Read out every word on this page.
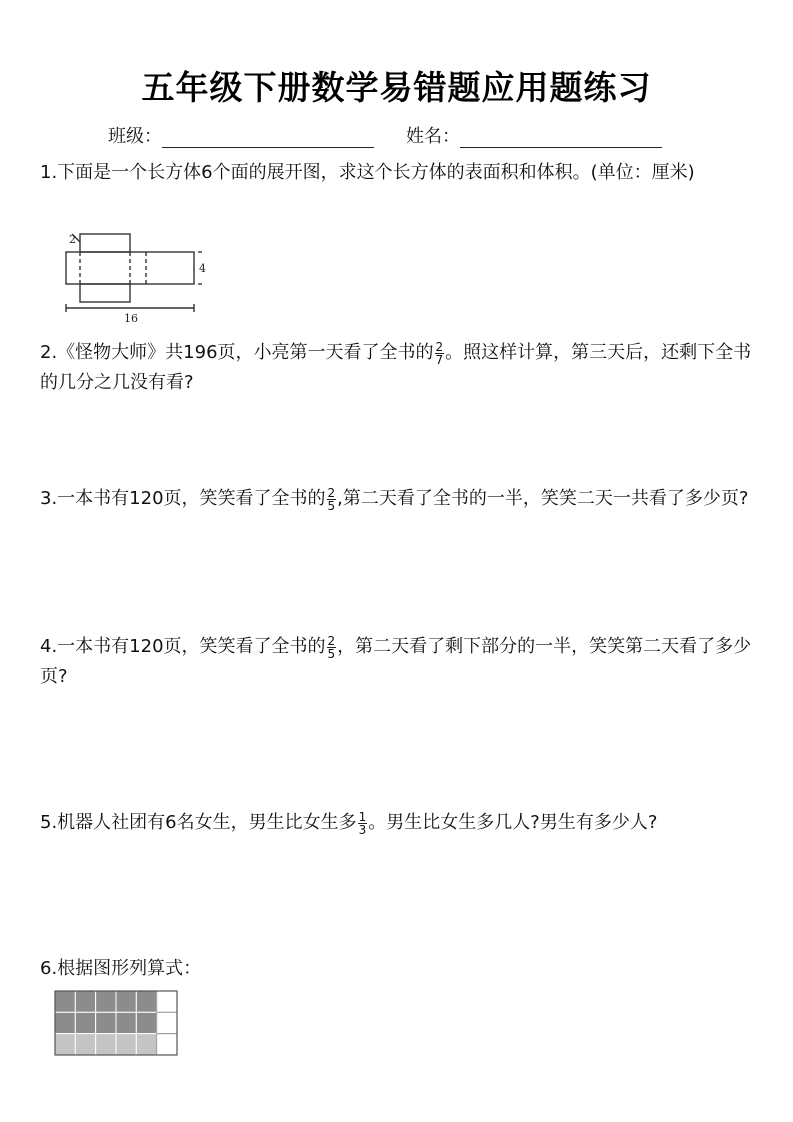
五年级下册数学易错题应用题练习
班级：	姓名：
1.下面是一个长方体6个面的展开图，求这个长方体的表面积和体积。(单位：厘米)
2
4
16
2.《怪物大师》共196页，小亮第一天看了全书的 $\frac{2}{7}$ 。照这样计算，第三天后，还剩下全书的几分之几没有看?
3.一本书有120页，笑笑看了全书的 $\frac{2}{5}$ ,第二天看了全书的一半，笑笑二天一共看了多少页?
4.一本书有120页，笑笑看了全书的 $\frac{2}{5}$ ，第二天看了剩下部分的一半，笑笑第二天看了多少页?
5.机器人社团有6名女生，男生比女生多 $\frac{1}{3}$ 。男生比女生多几人?男生有多少人?
6.根据图形列算式：
